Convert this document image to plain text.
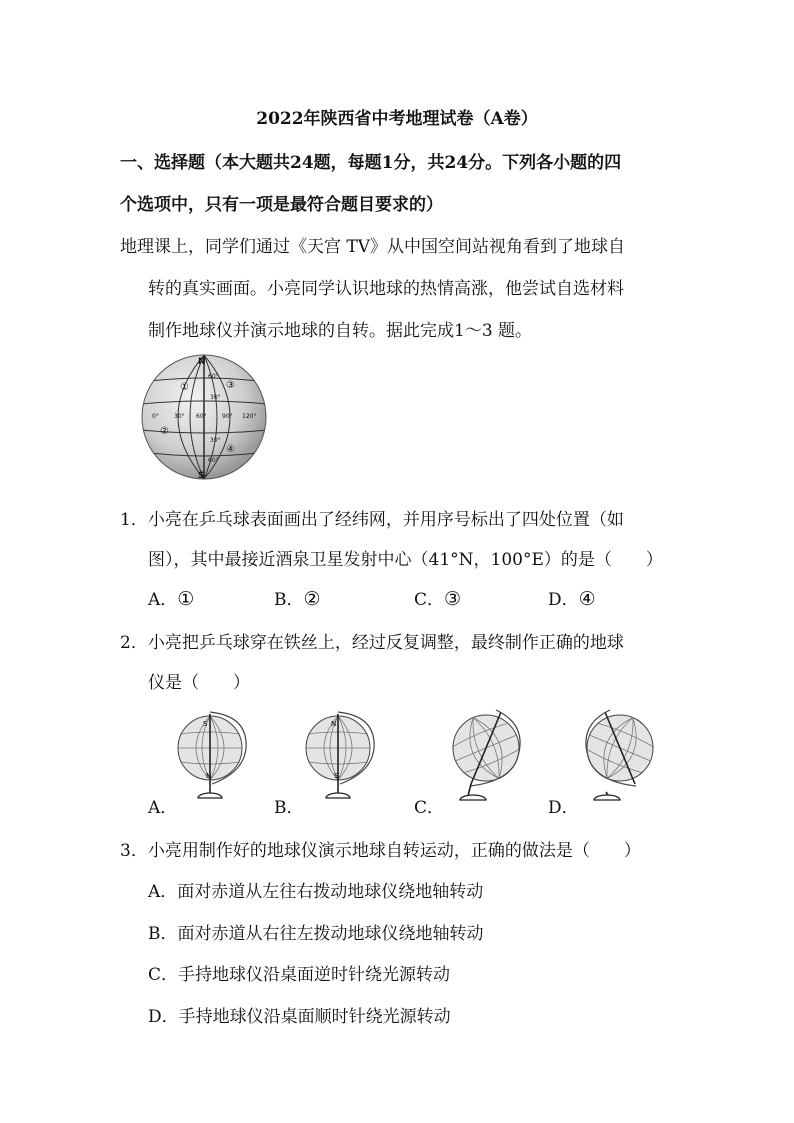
2022年陕西省中考地理试卷（A卷）
一、选择题（本大题共24题，每题1分，共24分。下列各小题的四
个选项中，只有一项是最符合题目要求的）
地理课上，同学们通过《天宫 TV》从中国空间站视角看到了地球自
转的真实画面。小亮同学认识地球的热情高涨，他尝试自选材料
制作地球仪并演示地球的自转。据此完成1～3 题。
N
S
60°
30°
30°
60°
0°	30° 60°	90° 120°
①
②
③
④
1．小亮在乒乓球表面画出了经纬网，并用序号标出了四处位置（如
图），其中最接近酒泉卫星发射中心（41°N，100°E）的是（　　）
A．①	B．②	C．③	D．④
2．小亮把乒乓球穿在铁丝上，经过反复调整，最终制作正确的地球
仪是（　　）
S
N
A．
N
S
B．	C．	D．
3．小亮用制作好的地球仪演示地球自转运动，正确的做法是（　　）
A．面对赤道从左往右拨动地球仪绕地轴转动
B．面对赤道从右往左拨动地球仪绕地轴转动
C．手持地球仪沿桌面逆时针绕光源转动
D．手持地球仪沿桌面顺时针绕光源转动
